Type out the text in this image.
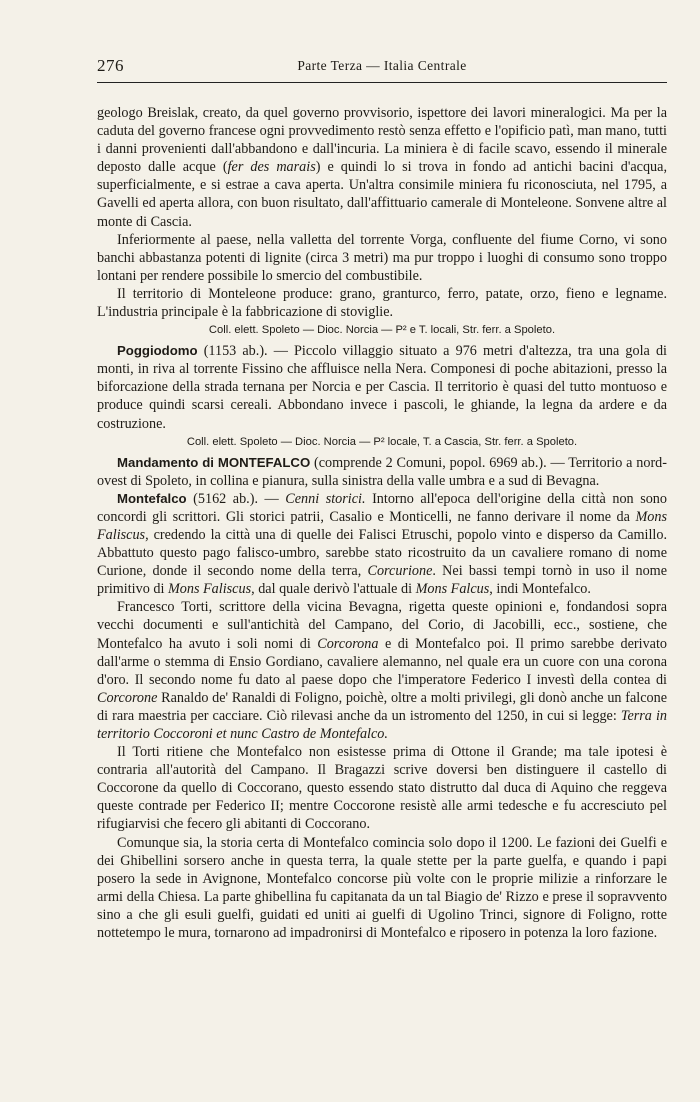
276	Parte Terza — Italia Centrale

geologo Breislak, creato, da quel governo provvisorio, ispettore dei lavori mineralogici. Ma per la caduta del governo francese ogni provvedimento restò senza effetto e l'opificio patì, man mano, tutti i danni provenienti dall'abbandono e dall'incuria. La miniera è di facile scavo, essendo il minerale deposto dalle acque (fer des marais) e quindi lo si trova in fondo ad antichi bacini d'acqua, superficialmente, e si estrae a cava aperta. Un'altra consimile miniera fu riconosciuta, nel 1795, a Gavelli ed aperta allora, con buon risultato, dall'affittuario camerale di Monteleone. Sonvene altre al monte di Cascia.

Inferiormente al paese, nella valletta del torrente Vorga, confluente del fiume Corno, vi sono banchi abbastanza potenti di lignite (circa 3 metri) ma pur troppo i luoghi di consumo sono troppo lontani per rendere possibile lo smercio del combustibile.

Il territorio di Monteleone produce: grano, granturco, ferro, patate, orzo, fieno e legname. L'industria principale è la fabbricazione di stoviglie.

Coll. elett. Spoleto — Dioc. Norcia — P² e T. locali, Str. ferr. a Spoleto.

Poggiodomo (1153 ab.). — Piccolo villaggio situato a 976 metri d'altezza, tra una gola di monti, in riva al torrente Fissino che affluisce nella Nera. Componesi di poche abitazioni, presso la biforcazione della strada ternana per Norcia e per Cascia. Il territorio è quasi del tutto montuoso e produce quindi scarsi cereali. Abbondano invece i pascoli, le ghiande, la legna da ardere e da costruzione.

Coll. elett. Spoleto — Dioc. Norcia — P² locale, T. a Cascia, Str. ferr. a Spoleto.

Mandamento di MONTEFALCO (comprende 2 Comuni, popol. 6969 ab.). — Territorio a nord-ovest di Spoleto, in collina e pianura, sulla sinistra della valle umbra e a sud di Bevagna.

Montefalco (5162 ab.). — Cenni storici. Intorno all'epoca dell'origine della città non sono concordi gli scrittori. Gli storici patrii, Casalio e Monticelli, ne fanno derivare il nome da Mons Faliscus, credendo la città una di quelle dei Falisci Etruschi, popolo vinto e disperso da Camillo. Abbattuto questo pago falisco-umbro, sarebbe stato ricostruito da un cavaliere romano di nome Curione, donde il secondo nome della terra, Corcurione. Nei bassi tempi tornò in uso il nome primitivo di Mons Faliscus, dal quale derivò l'attuale di Mons Falcus, indi Montefalco.

Francesco Torti, scrittore della vicina Bevagna, rigetta queste opinioni e, fondandosi sopra vecchi documenti e sull'antichità del Campano, del Corio, di Jacobilli, ecc., sostiene, che Montefalco ha avuto i soli nomi di Corcorona e di Montefalco poi. Il primo sarebbe derivato dall'arme o stemma di Ensio Gordiano, cavaliere alemanno, nel quale era un cuore con una corona d'oro. Il secondo nome fu dato al paese dopo che l'imperatore Federico I investì della contea di Corcorone Ranaldo de' Ranaldi di Foligno, poichè, oltre a molti privilegi, gli donò anche un falcone di rara maestria per cacciare. Ciò rilevasi anche da un istromento del 1250, in cui si legge: Terra in territorio Coccoroni et nunc Castro de Montefalco.

Il Torti ritiene che Montefalco non esistesse prima di Ottone il Grande; ma tale ipotesi è contraria all'autorità del Campano. Il Bragazzi scrive doversi ben distinguere il castello di Coccorone da quello di Coccorano, questo essendo stato distrutto dal duca di Aquino che reggeva queste contrade per Federico II; mentre Coccorone resistè alle armi tedesche e fu accresciuto pel rifugiarvisi che fecero gli abitanti di Coccorano.

Comunque sia, la storia certa di Montefalco comincia solo dopo il 1200. Le fazioni dei Guelfi e dei Ghibellini sorsero anche in questa terra, la quale stette per la parte guelfa, e quando i papi posero la sede in Avignone, Montefalco concorse più volte con le proprie milizie a rinforzare le armi della Chiesa. La parte ghibellina fu capitanata da un tal Biagio de' Rizzo e prese il sopravvento sino a che gli esuli guelfi, guidati ed uniti ai guelfi di Ugolino Trinci, signore di Foligno, rotte nottetempo le mura, tornarono ad impadronirsi di Montefalco e riposero in potenza la loro fazione.
